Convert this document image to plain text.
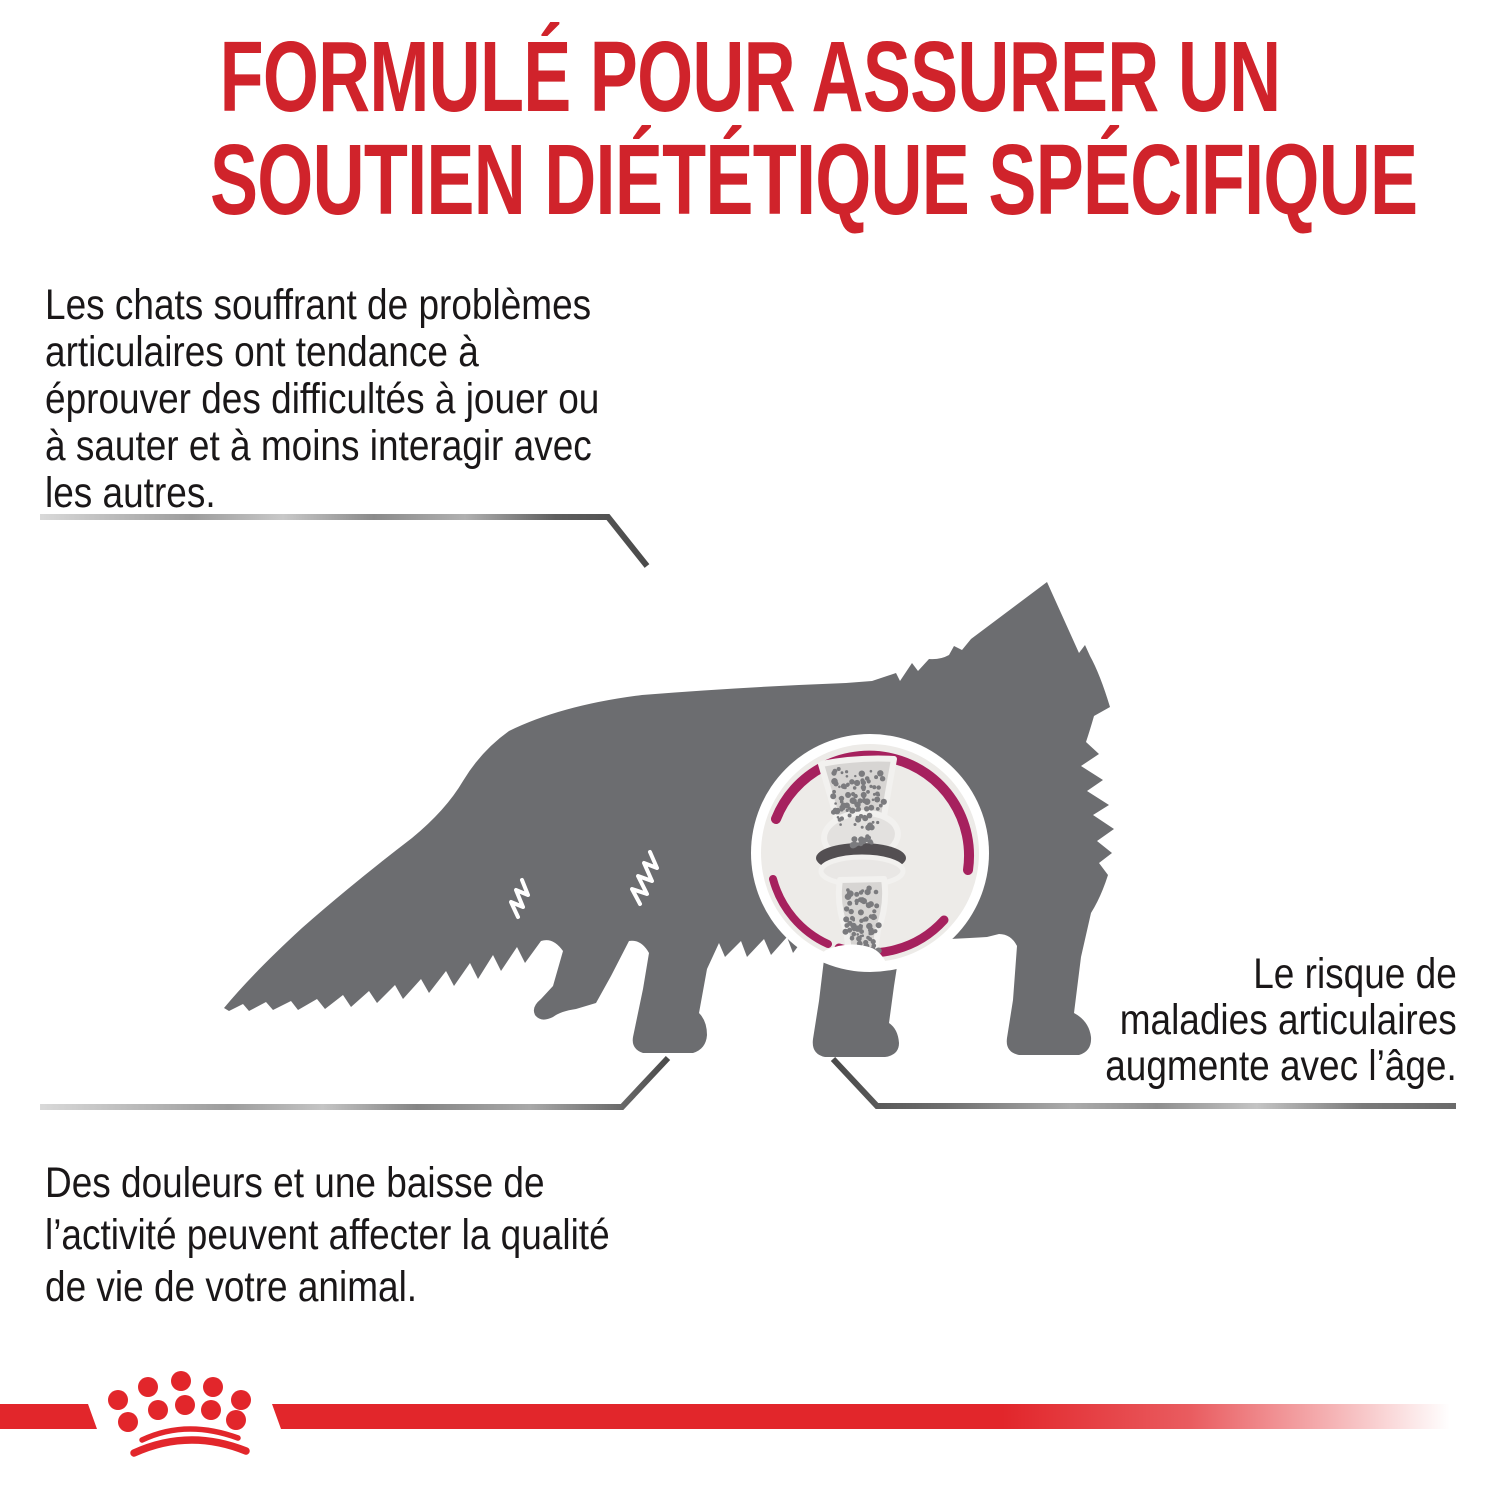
FORMULÉ POUR ASSURER UN
SOUTIEN DIÉTÉTIQUE SPÉCIFIQUE
Les chats souffrant de problèmes
articulaires ont tendance à
éprouver des difficultés à jouer ou
à sauter et à moins interagir avec
les autres.
Le risque de
maladies articulaires
augmente avec l’âge.
Des douleurs et une baisse de
l’activité peuvent affecter la qualité
de vie de votre animal.
